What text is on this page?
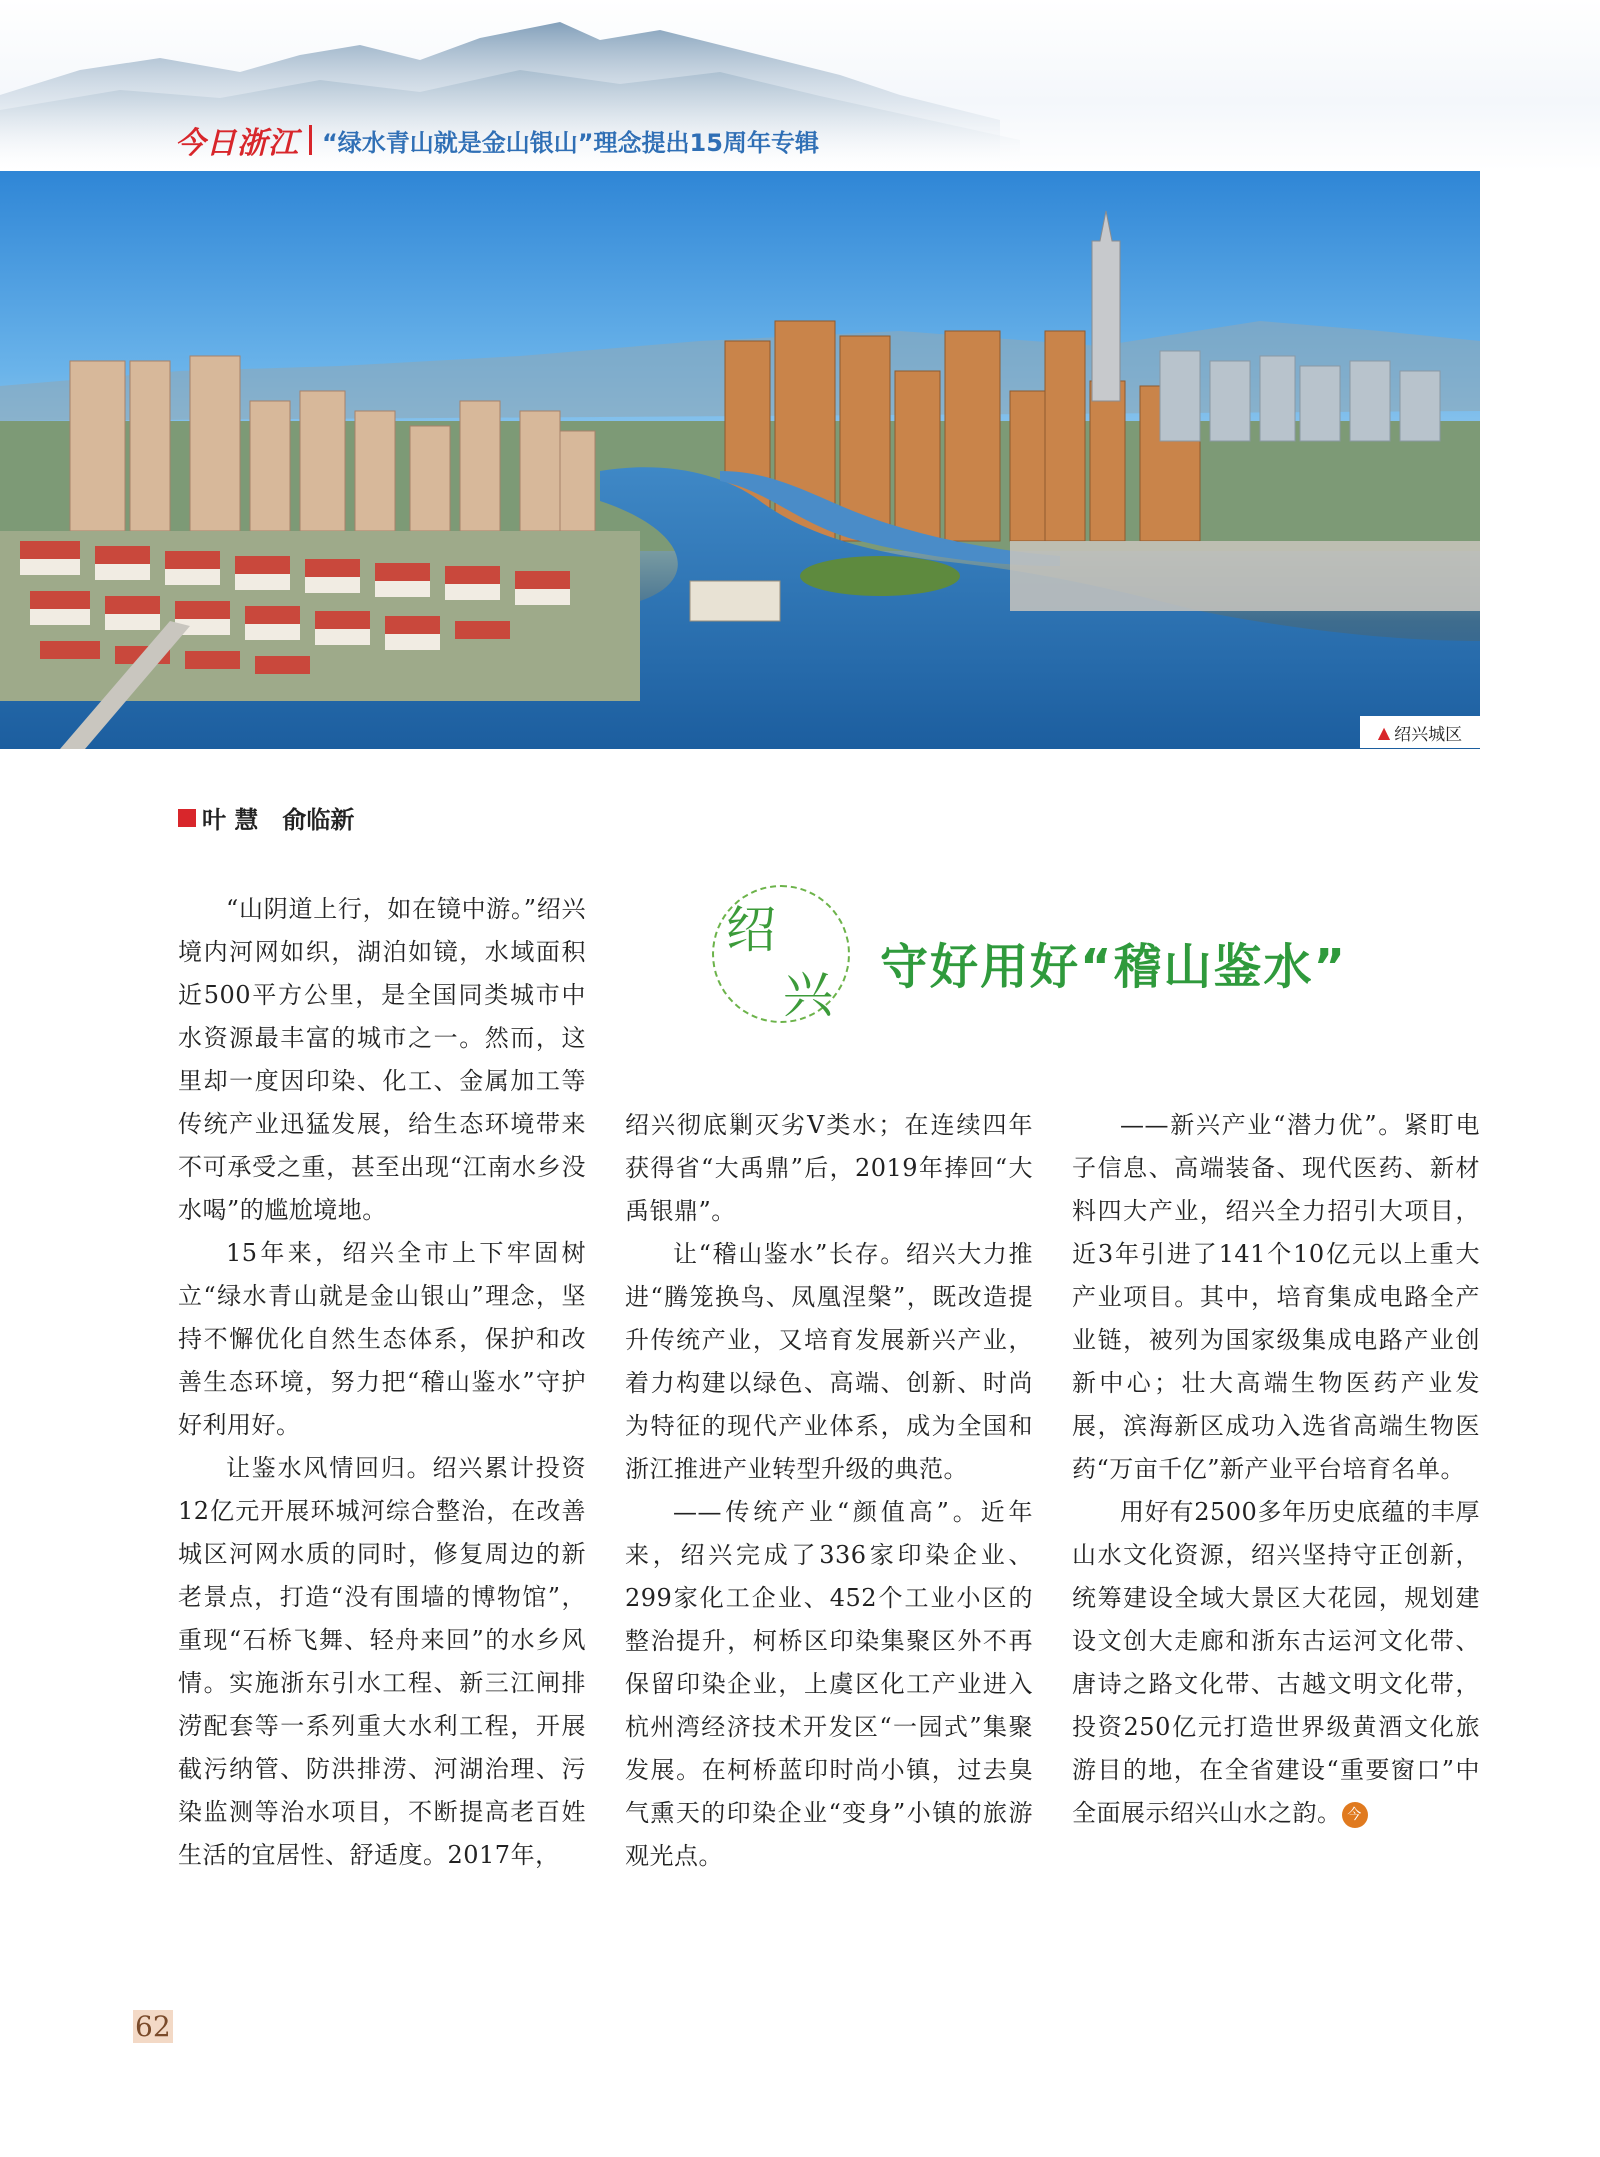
今日浙江 “绿水青山就是金山银山”理念提出15周年专辑
▲ 绍兴城区
叶 慧　俞临新
绍
兴 守好用好“稽山鉴水”

“山阴道上行，如在镜中游。”绍兴境内河网如织，湖泊如镜，水域面积近500平方公里，是全国同类城市中水资源最丰富的城市之一。然而，这里却一度因印染、化工、金属加工等传统产业迅猛发展，给生态环境带来不可承受之重，甚至出现“江南水乡没水喝”的尴尬境地。

15年来，绍兴全市上下牢固树立“绿水青山就是金山银山”理念，坚持不懈优化自然生态体系，保护和改善生态环境，努力把“稽山鉴水”守护好利用好。

让鉴水风情回归。绍兴累计投资12亿元开展环城河综合整治，在改善城区河网水质的同时，修复周边的新老景点，打造“没有围墙的博物馆”，重现“石桥飞舞、轻舟来回”的水乡风情。实施浙东引水工程、新三江闸排涝配套等一系列重大水利工程，开展截污纳管、防洪排涝、河湖治理、污染监测等治水项目，不断提高老百姓生活的宜居性、舒适度。2017年，

绍兴彻底剿灭劣Ⅴ类水；在连续四年获得省“大禹鼎”后，2019年捧回“大禹银鼎”。

让“稽山鉴水”长存。绍兴大力推进“腾笼换鸟、凤凰涅槃”，既改造提升传统产业，又培育发展新兴产业，着力构建以绿色、高端、创新、时尚为特征的现代产业体系，成为全国和浙江推进产业转型升级的典范。

——传统产业“颜值高”。近年来，绍兴完成了336家印染企业、299家化工企业、452个工业小区的整治提升，柯桥区印染集聚区外不再保留印染企业，上虞区化工产业进入杭州湾经济技术开发区“一园式”集聚发展。在柯桥蓝印时尚小镇，过去臭气熏天的印染企业“变身”小镇的旅游观光点。

——新兴产业“潜力优”。紧盯电子信息、高端装备、现代医药、新材料四大产业，绍兴全力招引大项目，近3年引进了141个10亿元以上重大产业项目。其中，培育集成电路全产业链，被列为国家级集成电路产业创新中心；壮大高端生物医药产业发展，滨海新区成功入选省高端生物医药“万亩千亿”新产业平台培育名单。

用好有2500多年历史底蕴的丰厚山水文化资源，绍兴坚持守正创新，统筹建设全域大景区大花园，规划建设文创大走廊和浙东古运河文化带、唐诗之路文化带、古越文明文化带，投资250亿元打造世界级黄酒文化旅游目的地，在全省建设“重要窗口”中全面展示绍兴山水之韵。 今

62
